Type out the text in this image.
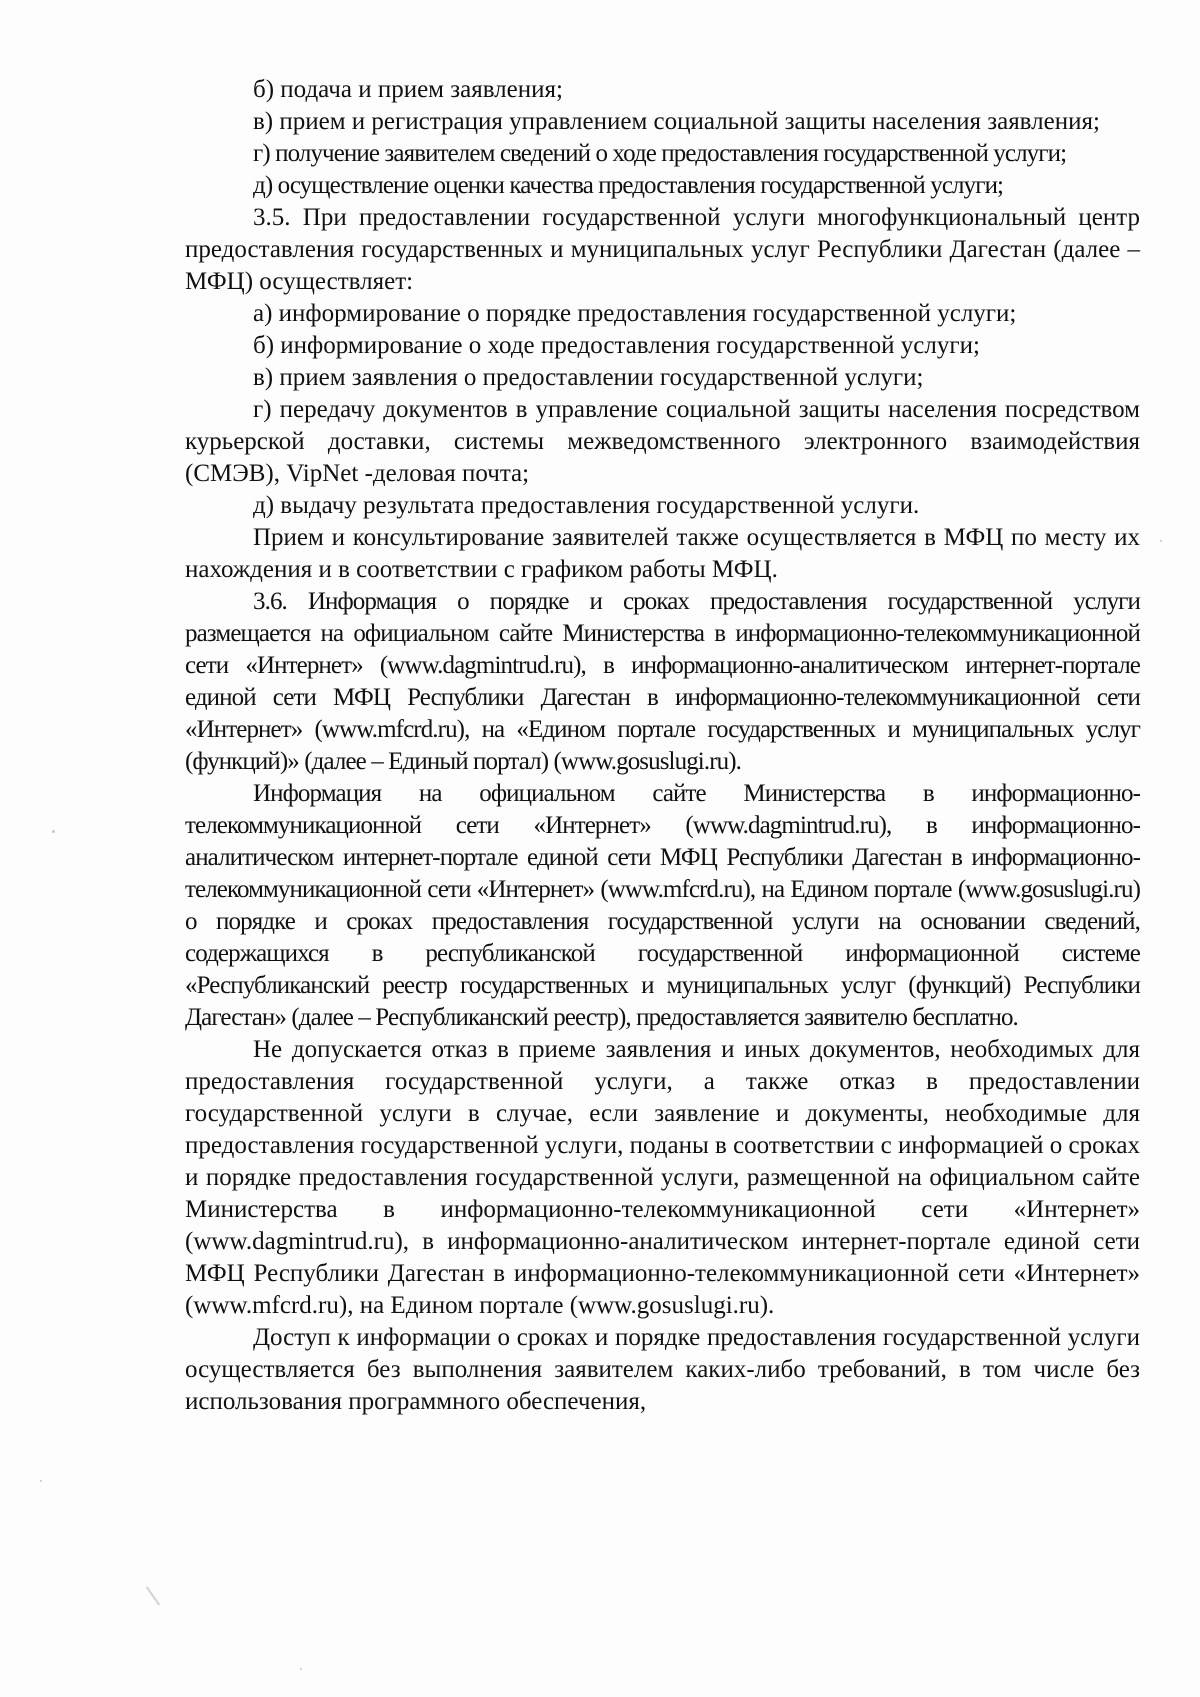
б) подача и прием заявления;

в) прием и регистрация управлением социальной защиты населения заявления;

г) получение заявителем сведений о ходе предоставления государственной услуги;

д) осуществление оценки качества предоставления государственной услуги;

3.5. При предоставлении государственной услуги многофункциональный центр предоставления государственных и муниципальных услуг Республики Дагестан (далее – МФЦ) осуществляет:

а) информирование о порядке предоставления государственной услуги;

б) информирование о ходе предоставления государственной услуги;

в) прием заявления о предоставлении государственной услуги;

г) передачу документов в управление социальной защиты населения посредством курьерской доставки, системы межведомственного электронного взаимодействия (СМЭВ), VipNet -деловая почта;

д) выдачу результата предоставления государственной услуги.

Прием и консультирование заявителей также осуществляется в МФЦ по месту их нахождения и в соответствии с графиком работы МФЦ.

3.6. Информация о порядке и сроках предоставления государственной услуги размещается на официальном сайте Министерства в информационно-телекоммуникационной сети «Интернет» (www.dagmintrud.ru), в информационно-аналитическом интернет-портале единой сети МФЦ Республики Дагестан в информационно-телекоммуникационной сети «Интернет» (www.mfcrd.ru), на «Едином портале государственных и муниципальных услуг (функций)» (далее – Единый портал) (www.gosuslugi.ru).

Информация на официальном сайте Министерства в информационно-телекоммуникационной сети «Интернет» (www.dagmintrud.ru), в информационно-аналитическом интернет-портале единой сети МФЦ Республики Дагестан в информационно-телекоммуникационной сети «Интернет» (www.mfcrd.ru), на Едином портале (www.gosuslugi.ru) о порядке и сроках предоставления государственной услуги на основании сведений, содержащихся в республиканской государственной информационной системе «Республиканский реестр государственных и муниципальных услуг (функций) Республики Дагестан» (далее – Республиканский реестр), предоставляется заявителю бесплатно.

Не допускается отказ в приеме заявления и иных документов, необходимых для предоставления государственной услуги, а также отказ в предоставлении государственной услуги в случае, если заявление и документы, необходимые для предоставления государственной услуги, поданы в соответствии с информацией о сроках и порядке предоставления государственной услуги, размещенной на официальном сайте Министерства в информационно-телекоммуникационной сети «Интернет» (www.dagmintrud.ru), в информационно-аналитическом интернет-портале единой сети МФЦ Республики Дагестан в информационно-телекоммуникационной сети «Интернет» (www.mfcrd.ru), на Едином портале (www.gosuslugi.ru).

Доступ к информации о сроках и порядке предоставления государственной услуги осуществляется без выполнения заявителем каких-либо требований, в том числе без использования программного обеспечения,
